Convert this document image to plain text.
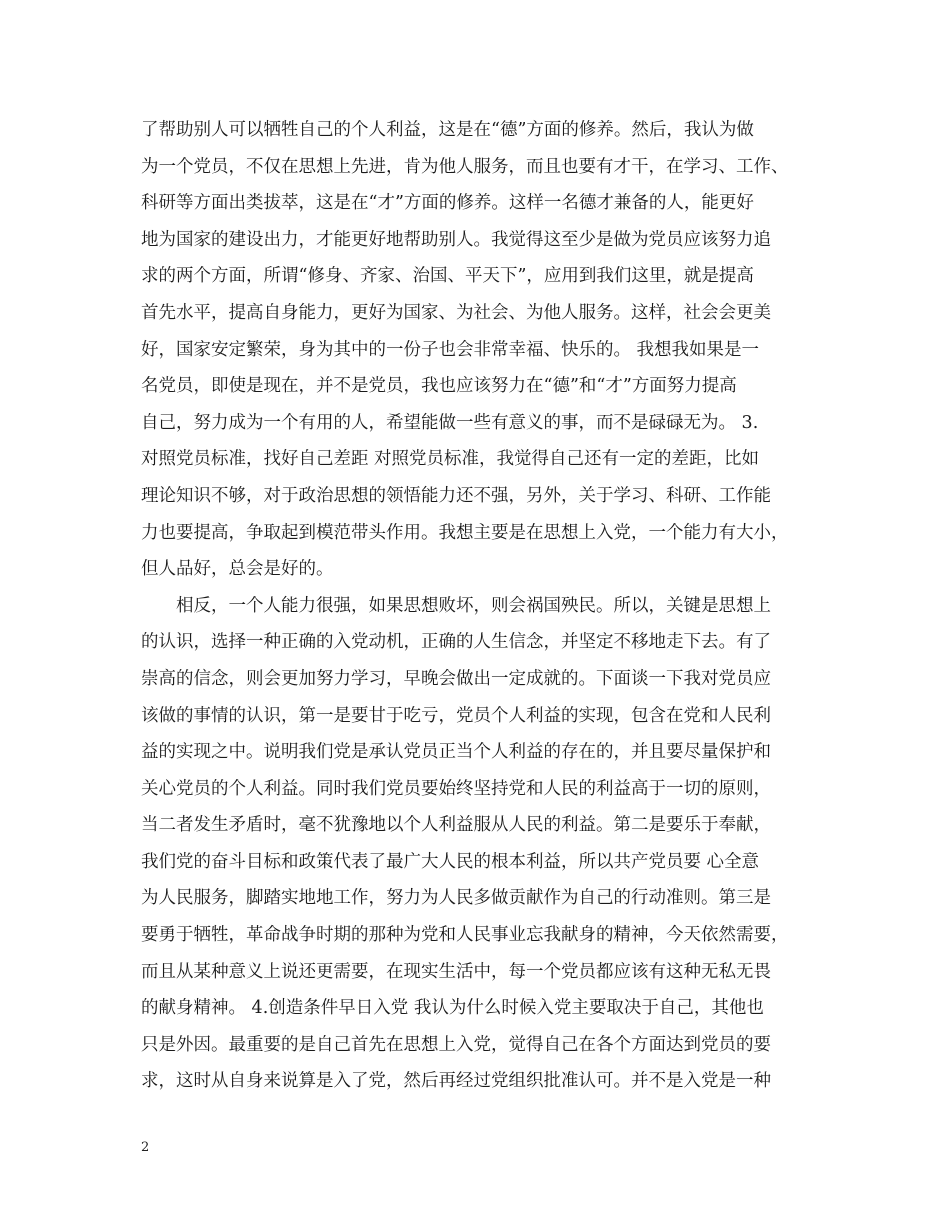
了帮助别人可以牺牲自己的个人利益，这是在“德”方面的修养。然后，我认为做
为一个党员，不仅在思想上先进，肯为他人服务，而且也要有才干，在学习、工作、
科研等方面出类拔萃，这是在“才”方面的修养。这样一名德才兼备的人，能更好
地为国家的建设出力，才能更好地帮助别人。我觉得这至少是做为党员应该努力追
求的两个方面，所谓“修身、齐家、治国、平天下”，应用到我们这里，就是提高
首先水平，提高自身能力，更好为国家、为社会、为他人服务。这样，社会会更美
好，国家安定繁荣，身为其中的一份子也会非常幸福、快乐的。 我想我如果是一
名党员，即使是现在，并不是党员，我也应该努力在“德”和“才”方面努力提高
自己，努力成为一个有用的人，希望能做一些有意义的事，而不是碌碌无为。 3.
对照党员标准，找好自己差距 对照党员标准，我觉得自己还有一定的差距，比如
理论知识不够，对于政治思想的领悟能力还不强，另外，关于学习、科研、工作能
力也要提高，争取起到模范带头作用。我想主要是在思想上入党，一个能力有大小，
但人品好，总会是好的。
相反，一个人能力很强，如果思想败坏，则会祸国殃民。所以，关键是思想上
的认识，选择一种正确的入党动机，正确的人生信念，并坚定不移地走下去。有了
崇高的信念，则会更加努力学习，早晚会做出一定成就的。下面谈一下我对党员应
该做的事情的认识，第一是要甘于吃亏，党员个人利益的实现，包含在党和人民利
益的实现之中。说明我们党是承认党员正当个人利益的存在的，并且要尽量保护和
关心党员的个人利益。同时我们党员要始终坚持党和人民的利益高于一切的原则，
当二者发生矛盾时，毫不犹豫地以个人利益服从人民的利益。第二是要乐于奉献，
我们党的奋斗目标和政策代表了最广大人民的根本利益，所以共产党员要 心全意
为人民服务，脚踏实地地工作，努力为人民多做贡献作为自己的行动准则。第三是
要勇于牺牲，革命战争时期的那种为党和人民事业忘我献身的精神，今天依然需要，
而且从某种意义上说还更需要，在现实生活中，每一个党员都应该有这种无私无畏
的献身精神。 4.创造条件早日入党 我认为什么时候入党主要取决于自己，其他也
只是外因。最重要的是自己首先在思想上入党，觉得自己在各个方面达到党员的要
求，这时从自身来说算是入了党，然后再经过党组织批准认可。并不是入党是一种
2
